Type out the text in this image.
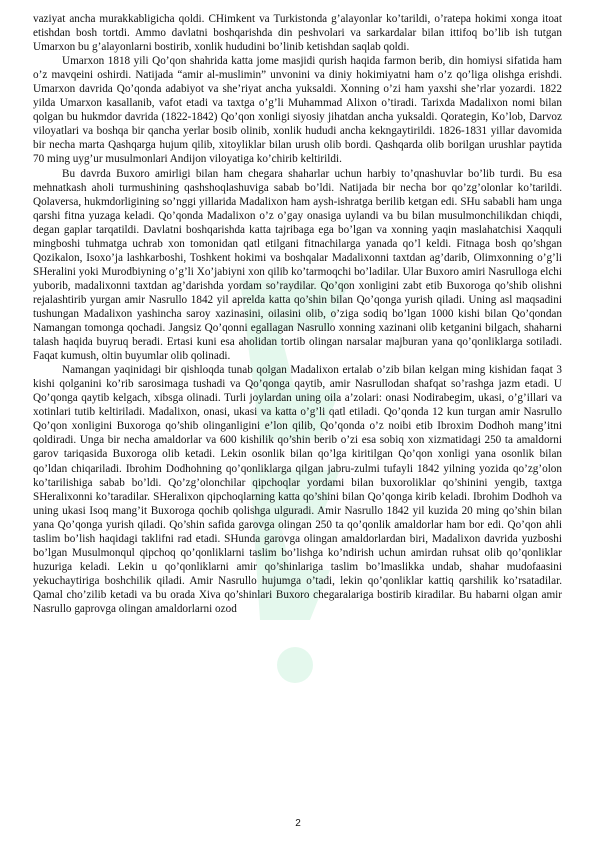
vaziyat ancha murakkabligicha qoldi. CHimkent va Turkistonda g’alayonlar ko’tarildi, o’ratepa hokimi xonga itoat etishdan bosh tortdi. Ammo davlatni boshqarishda din peshvolari va sarkardalar bilan ittifoq bo’lib ish tutgan Umarxon bu g’alayonlarni bostirib, xonlik hududini bo’linib ketishdan saqlab qoldi.

Umarxon 1818 yili Qo’qon shahrida katta jome masjidi qurish haqida farmon berib, din homiysi sifatida ham o’z mavqeini oshirdi. Natijada “amir al-muslimin” unvonini va diniy hokimiyatni ham o’z qo’liga olishga erishdi. Umarxon davrida Qo’qonda adabiyot va she’riyat ancha yuksaldi. Xonning o’zi ham yaxshi she’rlar yozardi. 1822 yilda Umarxon kasallanib, vafot etadi va taxtga o’g’li Muhammad Alixon o’tiradi. Tarixda Madalixon nomi bilan qolgan bu hukmdor davrida (1822-1842) Qo’qon xonligi siyosiy jihatdan ancha yuksaldi. Qorategin, Ko’lob, Darvoz viloyatlari va boshqa bir qancha yerlar bosib olinib, xonlik hududi ancha kekngaytirildi. 1826-1831 yillar davomida bir necha marta Qashqarga hujum qilib, xitoyliklar bilan urush olib bordi. Qashqarda olib borilgan urushlar paytida 70 ming uyg’ur musulmonlari Andijon viloyatiga ko’chirib keltirildi.

Bu davrda Buxoro amirligi bilan ham chegara shaharlar uchun harbiy to’qnashuvlar bo’lib turdi. Bu esa mehnatkash aholi turmushining qashshoqlashuviga sabab bo’ldi. Natijada bir necha bor qo’zg’olonlar ko’tarildi. Qolaversa, hukmdorligining so’nggi yillarida Madalixon ham aysh-ishratga berilib ketgan edi. SHu sababli ham unga qarshi fitna yuzaga keladi. Qo’qonda Madalixon o’z o’gay onasiga uylandi va bu bilan musulmonchilikdan chiqdi, degan gaplar tarqatildi. Davlatni boshqarishda katta tajribaga ega bo’lgan va xonning yaqin maslahatchisi Xaqquli mingboshi tuhmatga uchrab xon tomonidan qatl etilgani fitnachilarga yanada qo’l keldi. Fitnaga bosh qo’shgan Qozikalon, Isoxo’ja lashkarboshi, Toshkent hokimi va boshqalar Madalixonni taxtdan ag’darib, Olimxonning o’g’li SHeralini yoki Murodbiyning o’g’li Xo’jabiyni xon qilib ko’tarmoqchi bo’ladilar. Ular Buxoro amiri Nasrulloga elchi yuborib, madalixonni taxtdan ag’darishda yordam so’raydilar. Qo’qon xonligini zabt etib Buxoroga qo’shib olishni rejalashtirib yurgan amir Nasrullo 1842 yil aprelda katta qo’shin bilan Qo’qonga yurish qiladi. Uning asl maqsadini tushungan Madalixon yashincha saroy xazinasini, oilasini olib, o’ziga sodiq bo’lgan 1000 kishi bilan Qo’qondan Namangan tomonga qochadi. Jangsiz Qo’qonni egallagan Nasrullo xonning xazinani olib ketganini bilgach, shaharni talash haqida buyruq beradi. Ertasi kuni esa aholidan tortib olingan narsalar majburan yana qo’qonliklarga sotiladi. Faqat kumush, oltin buyumlar olib qolinadi.

Namangan yaqinidagi bir qishloqda tunab qolgan Madalixon ertalab o’zib bilan kelgan ming kishidan faqat 3 kishi qolganini ko’rib sarosimaga tushadi va Qo’qonga qaytib, amir Nasrullodan shafqat so’rashga jazm etadi. U Qo’qonga qaytib kelgach, xibsga olinadi. Turli joylardan uning oila a’zolari: onasi Nodirabegim, ukasi, o’g’illari va xotinlari tutib keltiriladi. Madalixon, onasi, ukasi va katta o’g’li qatl etiladi. Qo’qonda 12 kun turgan amir Nasrullo Qo’qon xonligini Buxoroga qo’shib olinganligini e’lon qilib, Qo’qonda o’z noibi etib Ibroxim Dodhoh mang’itni qoldiradi. Unga bir necha amaldorlar va 600 kishilik qo’shin berib o’zi esa sobiq xon xizmatidagi 250 ta amaldorni garov tariqasida Buxoroga olib ketadi. Lekin osonlik bilan qo’lga kiritilgan Qo’qon xonligi yana osonlik bilan qo’ldan chiqariladi. Ibrohim Dodhohning qo’qonliklarga qilgan jabru-zulmi tufayli 1842 yilning yozida qo’zg’olon ko’tarilishiga sabab bo’ldi. Qo’zg’olonchilar qipchoqlar yordami bilan buxoroliklar qo’shinini yengib, taxtga SHeralixonni ko’taradilar. SHeralixon qipchoqlarning katta qo’shini bilan Qo’qonga kirib keladi. Ibrohim Dodhoh va uning ukasi Isoq mang’it Buxoroga qochib qolishga ulguradi. Amir Nasrullo 1842 yil kuzida 20 ming qo’shin bilan yana Qo’qonga yurish qiladi. Qo’shin safida garovga olingan 250 ta qo’qonlik amaldorlar ham bor edi. Qo’qon ahli taslim bo’lish haqidagi taklifni rad etadi. SHunda garovga olingan amaldorlardan biri, Madalixon davrida yuzboshi bo’lgan Musulmonqul qipchoq qo’qonliklarni taslim bo’lishga ko’ndirish uchun amirdan ruhsat olib qo’qonliklar huzuriga keladi. Lekin u qo’qonliklarni amir qo’shinlariga taslim bo’lmaslikka undab, shahar mudofaasini yekuchaytiriga boshchilik qiladi. Amir Nasrullo hujumga o’tadi, lekin qo’qonliklar kattiq qarshilik ko’rsatadilar. Qamal cho’zilib ketadi va bu orada Xiva qo’shinlari Buxoro chegaralariga bostirib kiradilar. Bu habarni olgan amir Nasrullo gaprovga olingan amaldorlarni ozod

2
